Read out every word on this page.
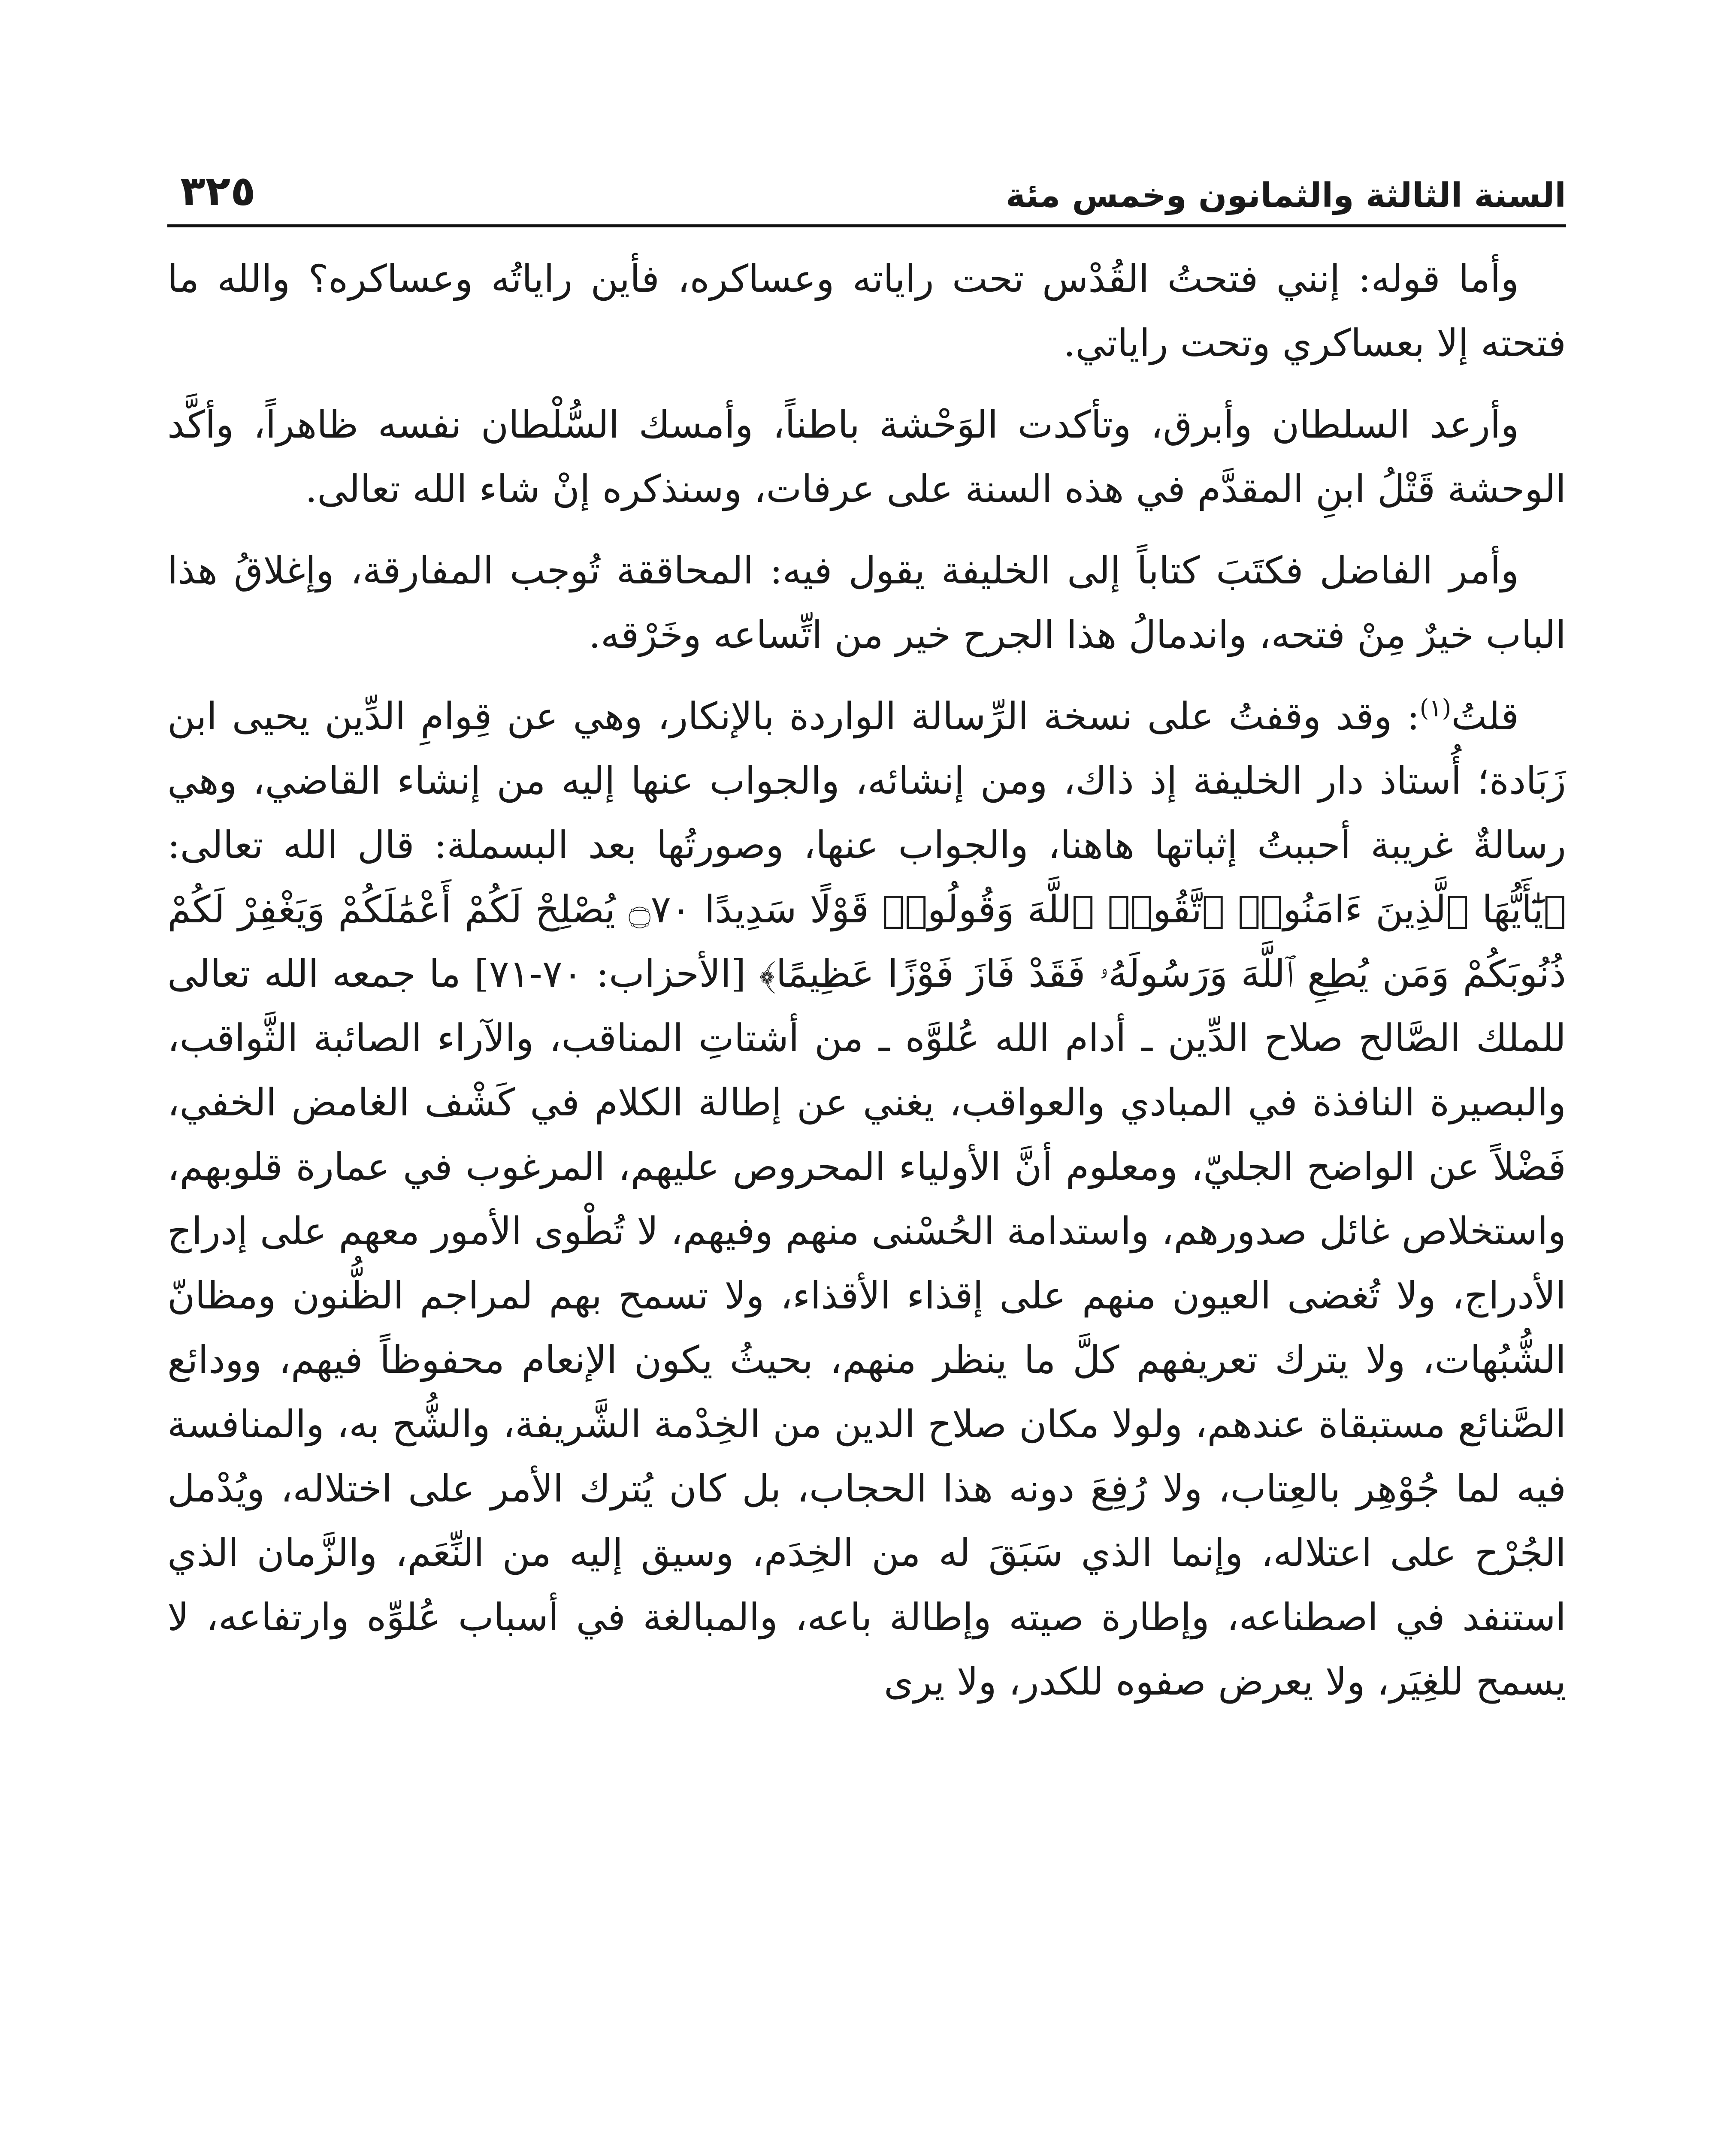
السنة الثالثة والثمانون وخمس مئة
٣٢٥

وأما قوله: إنني فتحتُ القُدْس تحت راياته وعساكره، فأين راياتُه وعساكره؟ والله ما فتحته إلا بعساكري وتحت راياتي.

وأرعد السلطان وأبرق، وتأكدت الوَحْشة باطناً، وأمسك السُّلْطان نفسه ظاهراً، وأكَّد الوحشة قَتْلُ ابنِ المقدَّم في هذه السنة على عرفات، وسنذكره إنْ شاء الله تعالى.

وأمر الفاضل فكتَبَ كتاباً إلى الخليفة يقول فيه: المحاققة تُوجب المفارقة، وإغلاقُ هذا الباب خيرٌ مِنْ فتحه، واندمالُ هذا الجرح خير من اتِّساعه وخَرْقه.

قلتُ$^{(١)}$: وقد وقفتُ على نسخة الرِّسالة الواردة بالإنكار، وهي عن قِوامِ الدِّين يحيى ابن زَبَادة؛ أُستاذ دار الخليفة إذ ذاك، ومن إنشائه، والجواب عنها إليه من إنشاء القاضي، وهي رسالةٌ غريبة أحببتُ إثباتها هاهنا، والجواب عنها، وصورتُها بعد البسملة: قال الله تعالى: ﴿يَٰٓأَيُّهَا ٱلَّذِينَ ءَامَنُوا۟ ٱتَّقُوا۟ ٱللَّهَ وَقُولُوا۟ قَوْلًا سَدِيدًا ۝٧٠ يُصْلِحْ لَكُمْ أَعْمَٰلَكُمْ وَيَغْفِرْ لَكُمْ ذُنُوبَكُمْ وَمَن يُطِعِ ٱللَّهَ وَرَسُولَهُۥ فَقَدْ فَازَ فَوْزًا عَظِيمًا﴾ [الأحزاب: ٧٠-٧١] ما جمعه الله تعالى للملك الصَّالح صلاح الدِّين ـ أدام الله عُلوَّه ـ من أشتاتِ المناقب، والآراء الصائبة الثَّواقب، والبصيرة النافذة في المبادي والعواقب، يغني عن إطالة الكلام في كَشْف الغامض الخفي، فَضْلاً عن الواضح الجليّ، ومعلوم أنَّ الأولياء المحروص عليهم، المرغوب في عمارة قلوبهم، واستخلاص غائل صدورهم، واستدامة الحُسْنى منهم وفيهم، لا تُطْوى الأمور معهم على إدراج الأدراج، ولا تُغضى العيون منهم على إقذاء الأقذاء، ولا تسمح بهم لمراجم الظُّنون ومظانّ الشُّبُهات، ولا يترك تعريفهم كلَّ ما ينظر منهم، بحيثُ يكون الإنعام محفوظاً فيهم، وودائع الصَّنائع مستبقاة عندهم، ولولا مكان صلاح الدين من الخِدْمة الشَّريفة، والشُّح به، والمنافسة فيه لما جُوْهِر بالعِتاب، ولا رُفِعَ دونه هذا الحجاب، بل كان يُترك الأمر على اختلاله، ويُدْمل الجُرْح على اعتلاله، وإنما الذي سَبَقَ له من الخِدَم، وسيق إليه من النِّعَم، والزَّمان الذي استنفد في اصطناعه، وإطارة صيته وإطالة باعه، والمبالغة في أسباب عُلوِّه وارتفاعه، لا يسمح للغِيَر، ولا يعرض صفوه للكدر، ولا يرى
